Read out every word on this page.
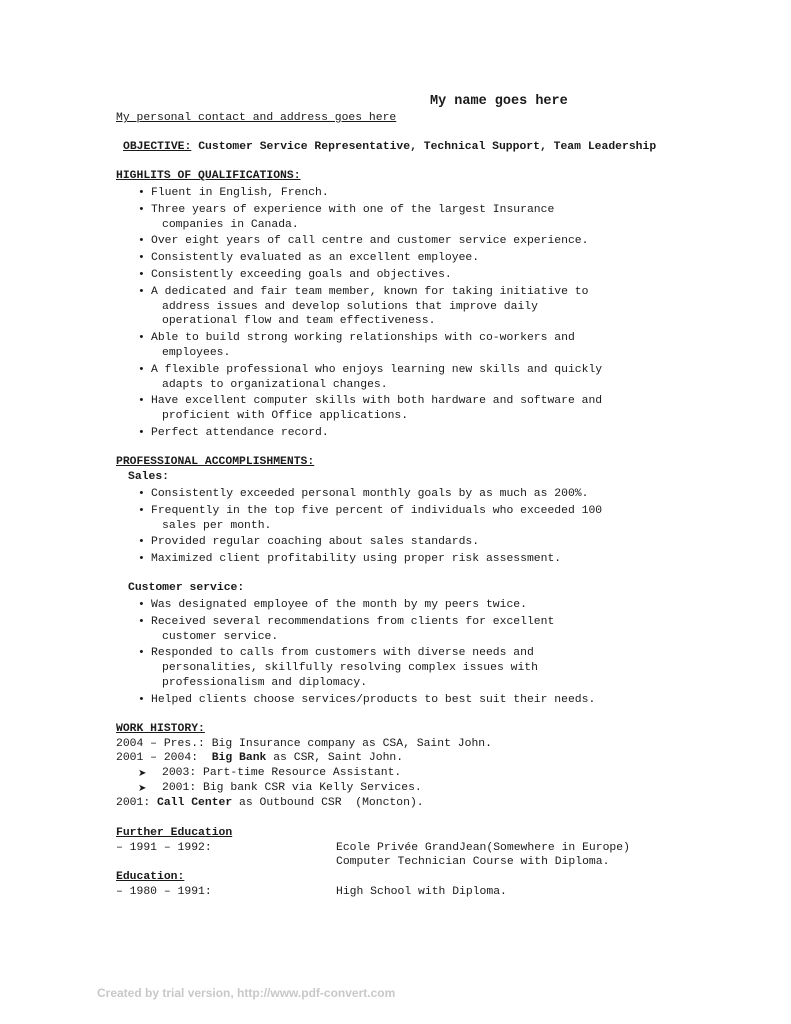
My name goes here
My personal contact and address goes here
OBJECTIVE: Customer Service Representative, Technical Support, Team Leadership
HIGHLITS OF QUALIFICATIONS:
• Fluent in English, French.
• Three years of experience with one of the largest Insurance
companies in Canada.
• Over eight years of call centre and customer service experience.
• Consistently evaluated as an excellent employee.
• Consistently exceeding goals and objectives.
• A dedicated and fair team member, known for taking initiative to
address issues and develop solutions that improve daily
operational flow and team effectiveness.
• Able to build strong working relationships with co-workers and
employees.
• A flexible professional who enjoys learning new skills and quickly
adapts to organizational changes.
• Have excellent computer skills with both hardware and software and
proficient with Office applications.
• Perfect attendance record.
PROFESSIONAL ACCOMPLISHMENTS:
Sales:
• Consistently exceeded personal monthly goals by as much as 200%.
• Frequently in the top five percent of individuals who exceeded 100
sales per month.
• Provided regular coaching about sales standards.
• Maximized client profitability using proper risk assessment.
Customer service:
• Was designated employee of the month by my peers twice.
• Received several recommendations from clients for excellent
customer service.
• Responded to calls from customers with diverse needs and
personalities, skillfully resolving complex issues with
professionalism and diplomacy.
• Helped clients choose services/products to best suit their needs.
WORK HISTORY:
2004 – Pres.: Big Insurance company as CSA, Saint John.
2001 – 2004:  Big Bank as CSR, Saint John.
➤ 2003: Part-time Resource Assistant.
➤ 2001: Big bank CSR via Kelly Services.
2001: Call Center as Outbound CSR  (Moncton).
Further Education
– 1991 – 1992:	Ecole Privée GrandJean(Somewhere in Europe)
Computer Technician Course with Diploma.
Education:
– 1980 – 1991:	High School with Diploma.
Created by trial version, http://www.pdf-convert.com
